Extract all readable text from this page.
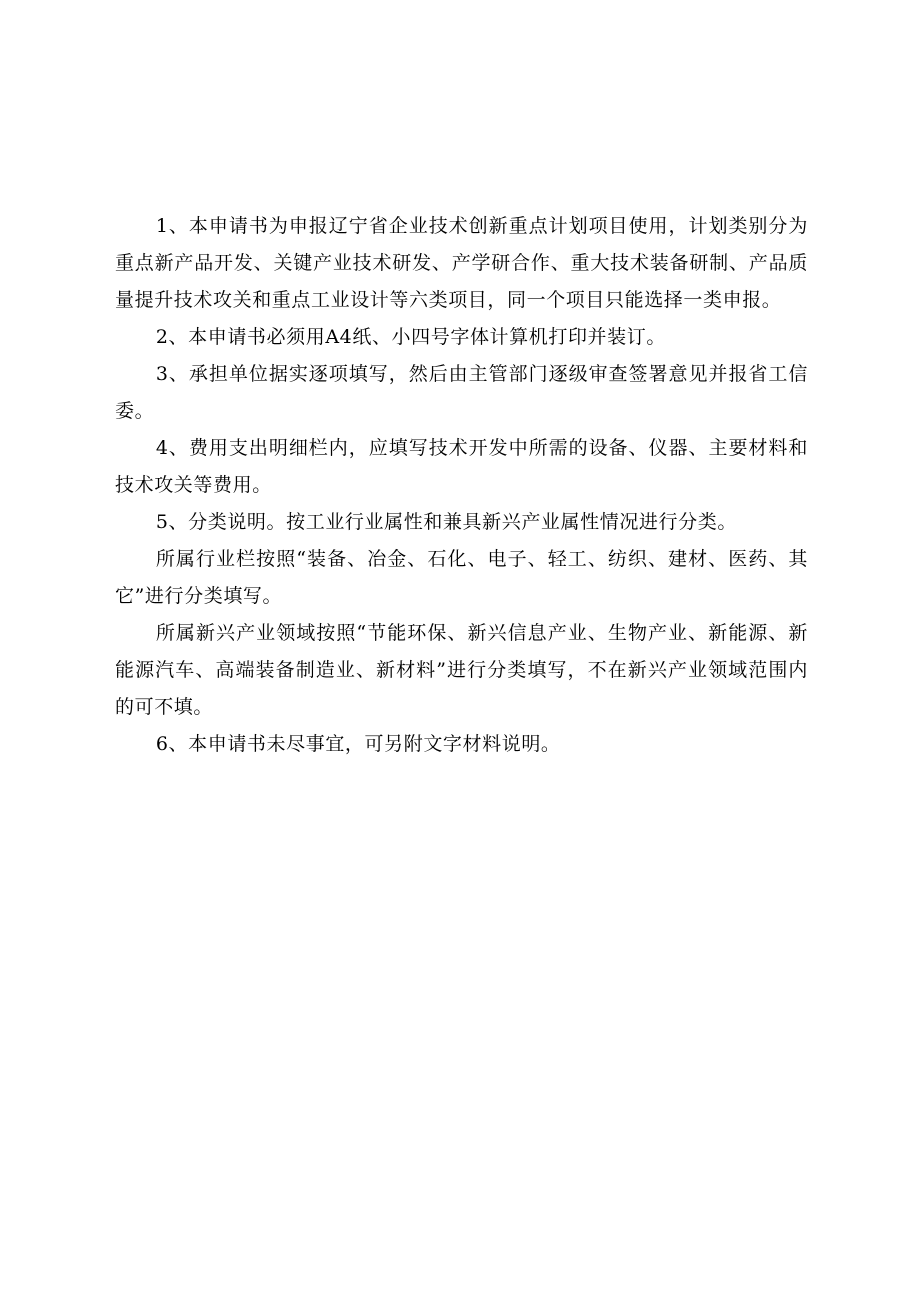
1、本申请书为申报辽宁省企业技术创新重点计划项目使用，计划类别分为重点新产品开发、关键产业技术研发、产学研合作、重大技术装备研制、产品质量提升技术攻关和重点工业设计等六类项目，同一个项目只能选择一类申报。

2、本申请书必须用A4纸、小四号字体计算机打印并装订。

3、承担单位据实逐项填写，然后由主管部门逐级审查签署意见并报省工信委。

4、费用支出明细栏内，应填写技术开发中所需的设备、仪器、主要材料和技术攻关等费用。

5、分类说明。按工业行业属性和兼具新兴产业属性情况进行分类。

所属行业栏按照“装备、冶金、石化、电子、轻工、纺织、建材、医药、其它”进行分类填写。

所属新兴产业领域按照“节能环保、新兴信息产业、生物产业、新能源、新能源汽车、高端装备制造业、新材料”进行分类填写，不在新兴产业领域范围内的可不填。

6、本申请书未尽事宜，可另附文字材料说明。
